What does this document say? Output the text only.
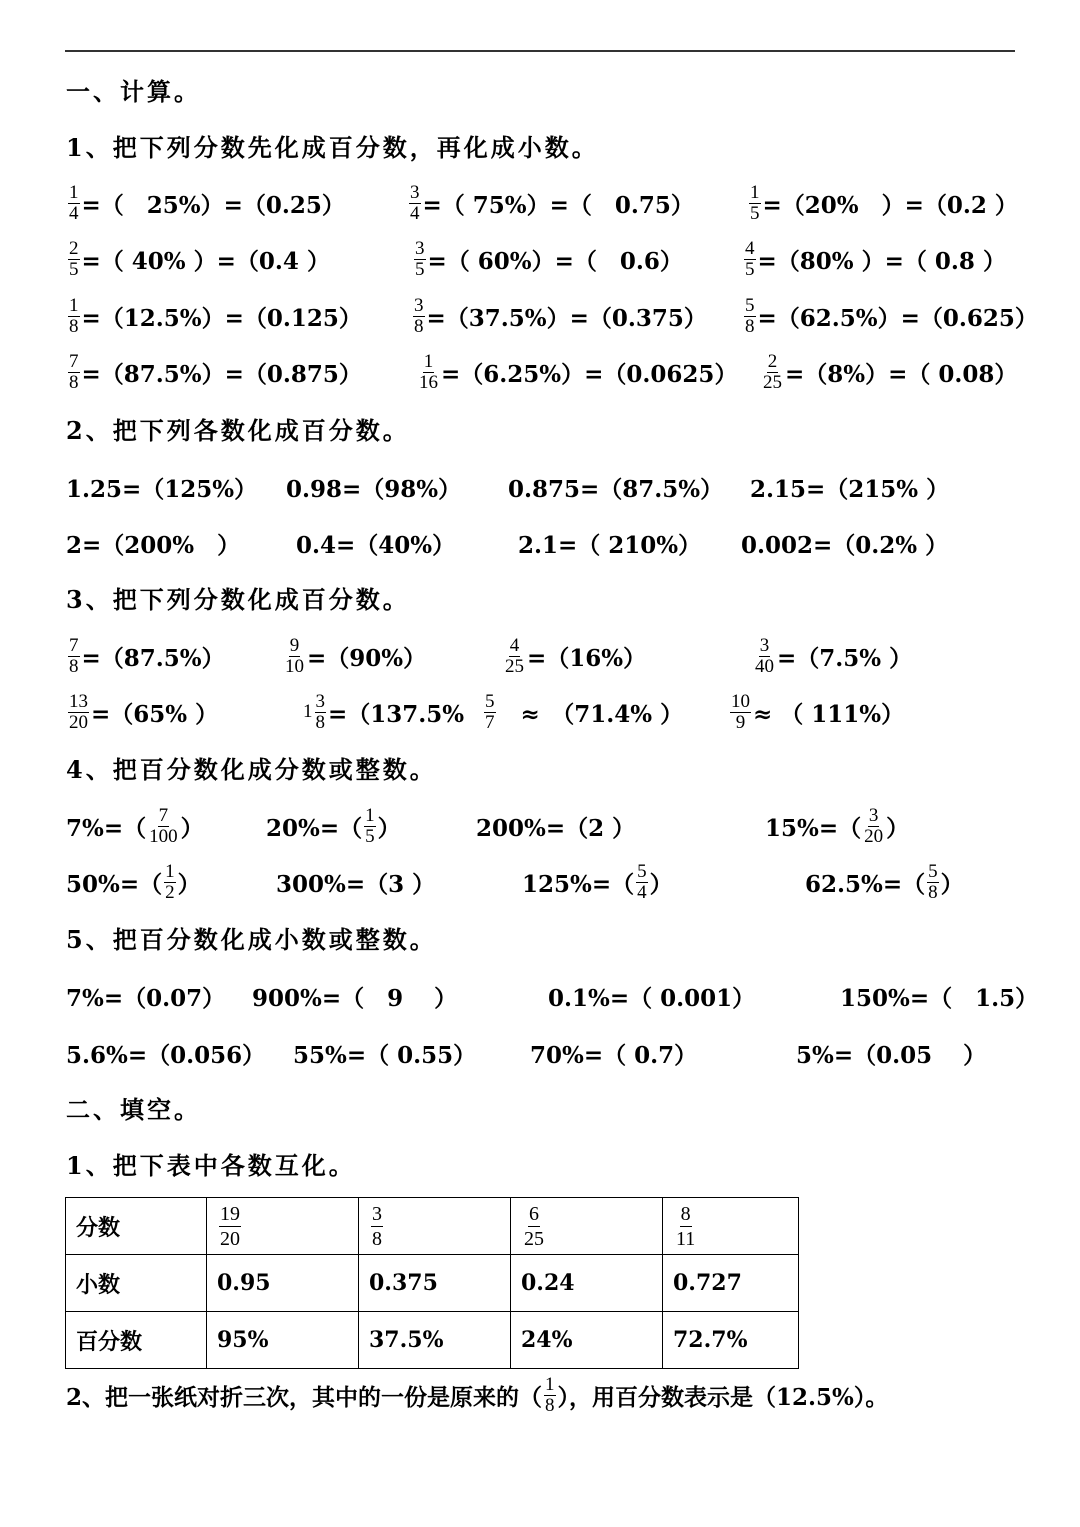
一、计算。
1、把下列分数先化成百分数，再化成小数。
$\frac{1}{4}$ =（　25%）=（0.25）	$\frac{3}{4}$ =（ 75%）=（　0.75）	$\frac{1}{5} =(20\%$　）=（0.2 ）
$\frac{2}{5}$ =（ 40% ）=（0.4 ）	$\frac{3}{5}$ =（ 60%）=（　0.6）	$\frac{4}{5} =(80\%$ ）=（ 0.8 ）
$\frac{1}{8} =(12.5\%)=(0.125)$	$\frac{3}{8} =(37.5\%)=(0.375) \frac{5}{8} =(62.5\%)=(0.625)$
$\frac{7}{8} =(87.5\%)=(0.875)$	$\frac{1}{16} =(6.25\%)=(0.0625) \frac{2}{25} =(8\%)=$（ 0.08）
2、把下列各数化成百分数。
1.25=（125%） 0.98=（98%） 0.875=（87.5%） 2.15=（215% ）
2=（200%　） 0.4=（40%）	2.1=（ 210%） 0.002=（0.2% ）
3、把下列分数化成百分数。
$\frac{7}{8} =(87.5\%)$	$\frac{9}{10} =(90\%)$	$\frac{4}{25} =(16\%)$	$\frac{3}{40} =(7.5\%$ ）
$\frac{13}{20} =(65\%$ ）	$1 \frac{3}{8} =(137.5\% \frac{5}{7}$ 　≈　（71.4% ） $\frac{10}{9}$ ≈ （ 111%）
4、把百分数化成分数或整数。
$7\%=( \frac{7}{100}$ ）	$20\%=( \frac{1}{5}$ ）	200%=（2 ）	$15\%=( \frac{3}{20}$ ）
$50\%=( \frac{1}{2}$ ）	300%=（3 ）	$125\%=( \frac{5}{4}$ ）	$62.5\%=( \frac{5}{8}$ ）
5、把百分数化成小数或整数。
7%=（0.07） 900%=（　9　 ）	0.1%=（ 0.001）	150%=（　1.5）
5.6%=（0.056） 55%=（ 0.55） 70%=（ 0.7）	5%=（0.05　 ）
二、填空。
1、把下表中各数互化。
分数	$\frac{19}{20}$	$\frac{3}{8}$	$\frac{6}{25}$	$\frac{8}{11}$

小数	0.95	0.375	0.24	0.727
百分数	95%	37.5%	24%	72.7%
2、把一张纸对折三次，其中的一份是原来的（ $\frac{1}{8}$ ），用百分数表示是（12.5%）。
